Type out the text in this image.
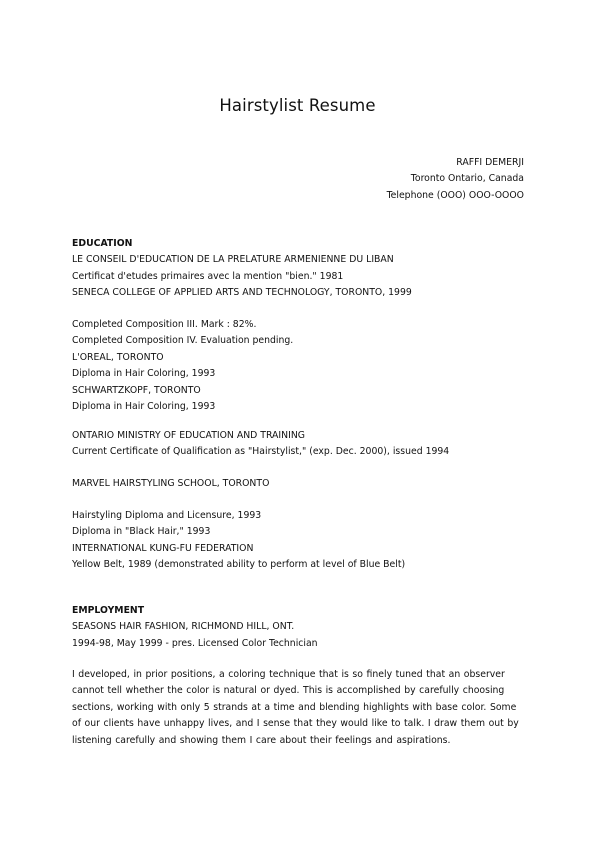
Hairstylist Resume
RAFFI DEMERJI
Toronto Ontario, Canada
Telephone (OOO) OOO-OOOO
EDUCATION
LE CONSEIL D'EDUCATION DE LA PRELATURE ARMENIENNE DU LIBAN
Certificat d'etudes primaires avec la mention "bien." 1981
SENECA COLLEGE OF APPLIED ARTS AND TECHNOLOGY, TORONTO, 1999
Completed Composition III. Mark : 82%.
Completed Composition IV. Evaluation pending.
L'OREAL, TORONTO
Diploma in Hair Coloring, 1993
SCHWARTZKOPF, TORONTO
Diploma in Hair Coloring, 1993
ONTARIO MINISTRY OF EDUCATION AND TRAINING
Current Certificate of Qualification as "Hairstylist," (exp. Dec. 2000), issued 1994
MARVEL HAIRSTYLING SCHOOL, TORONTO
Hairstyling Diploma and Licensure, 1993
Diploma in "Black Hair," 1993
INTERNATIONAL KUNG-FU FEDERATION
Yellow Belt, 1989 (demonstrated ability to perform at level of Blue Belt)
EMPLOYMENT
SEASONS HAIR FASHION, RICHMOND HILL, ONT.
1994-98, May 1999 - pres. Licensed Color Technician
I developed, in prior positions, a coloring technique that is so finely tuned that an observer cannot tell whether the color is natural or dyed. This is accomplished by carefully choosing sections, working with only 5 strands at a time and blending highlights with base color. Some of our clients have unhappy lives, and I sense that they would like to talk. I draw them out by listening carefully and showing them I care about their feelings and aspirations.
